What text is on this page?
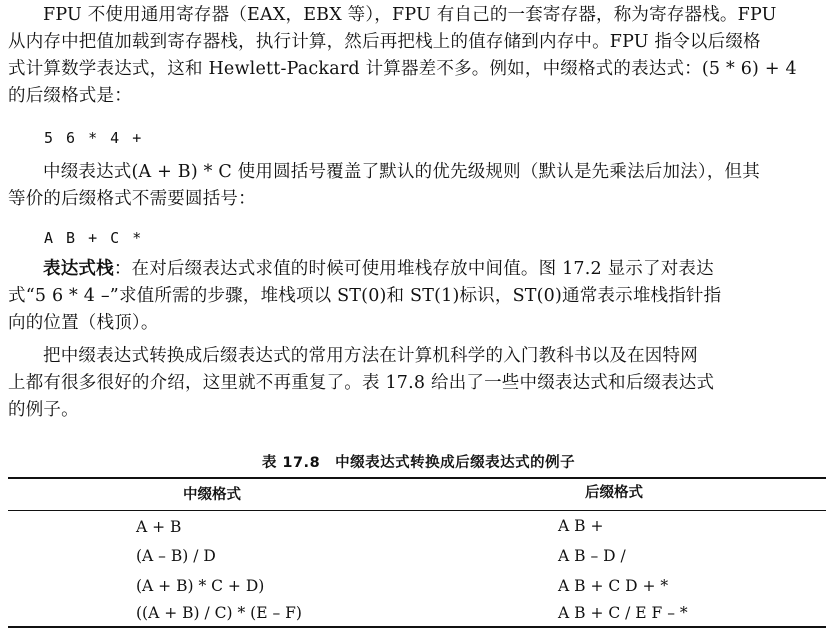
FPU 不使用通用寄存器（EAX，EBX 等），FPU 有自己的一套寄存器，称为寄存器栈。FPU
从内存中把值加载到寄存器栈，执行计算，然后再把栈上的值存储到内存中。FPU 指令以后缀格
式计算数学表达式，这和 Hewlett-Packard 计算器差不多。例如，中缀格式的表达式：(5 * 6) + 4
的后缀格式是：

5 6 * 4 +

中缀表达式(A + B) * C 使用圆括号覆盖了默认的优先级规则（默认是先乘法后加法），但其
等价的后缀格式不需要圆括号：

A B + C *

表达式栈：在对后缀表达式求值的时候可使用堆栈存放中间值。图 17.2 显示了对表达
式“5 6 * 4 –”求值所需的步骤，堆栈项以 ST(0)和 ST(1)标识，ST(0)通常表示堆栈指针指
向的位置（栈顶）。

把中缀表达式转换成后缀表达式的常用方法在计算机科学的入门教科书以及在因特网
上都有很多很好的介绍，这里就不再重复了。表 17.8 给出了一些中缀表达式和后缀表达式
的例子。

表 17.8　中缀表达式转换成后缀表达式的例子
中缀格式	后缀格式
A + B	A B +
(A – B) / D	A B – D /
(A + B) * C + D)	A B + C D + *
((A + B) / C) * (E – F)	A B + C / E F – *
